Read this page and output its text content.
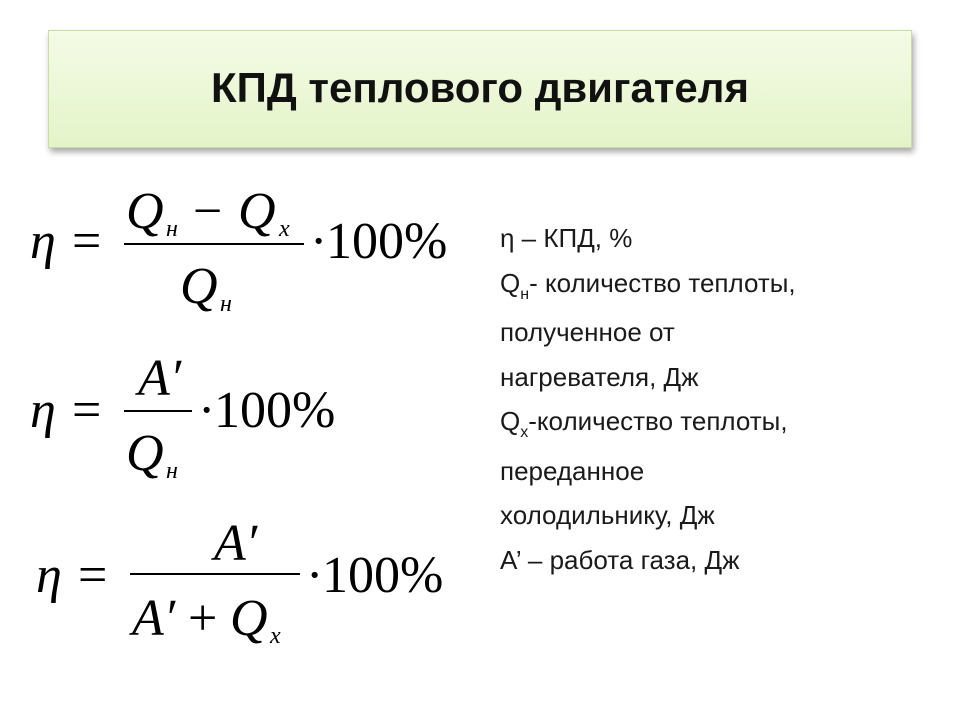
КПД теплового двигателя
η =
Q н − Q x
Q н
·
100%
η =
A′
Q н
·
100%
η =
A′
A′ + Q x
·
100%
η – КПД, %
$Q_н-$ количество теплоты,
полученное от
нагревателя, Дж
$Q_х$-количество теплоты,
переданное
холодильнику, Дж
А’ – работа газа, Дж
